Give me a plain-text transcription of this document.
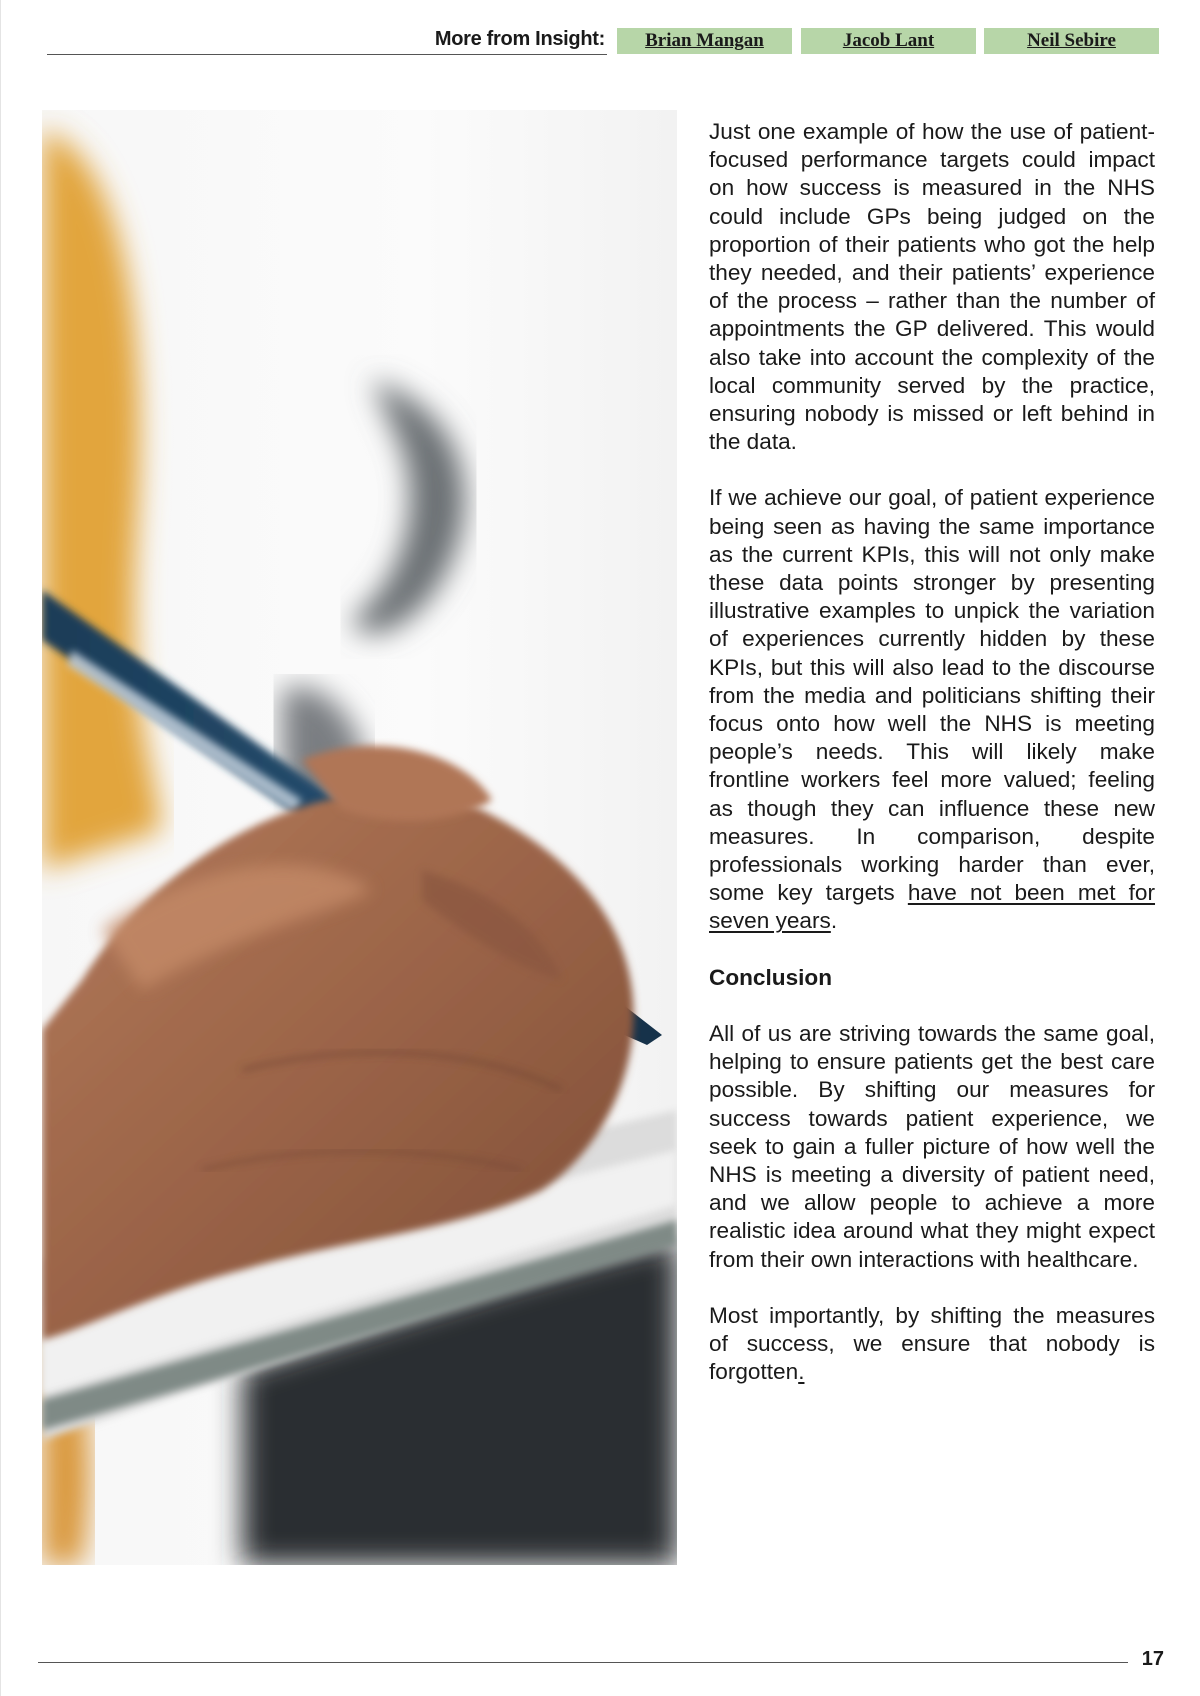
More from Insight:	Brian Mangan	Jacob Lant	Neil Sebire

Just one example of how the use of patient-focused performance targets could impact on how success is measured in the NHS could include GPs being judged on the proportion of their patients who got the help they needed, and their patients’ experience of the process – rather than the number of appointments the GP delivered. This would also take into account the complexity of the local community served by the practice, ensuring nobody is missed or left behind in the data.

If we achieve our goal, of patient experience being seen as having the same importance as the current KPIs, this will not only make these data points stronger by presenting illustrative examples to unpick the variation of experiences currently hidden by these KPIs, but this will also lead to the discourse from the media and politicians shifting their focus onto how well the NHS is meeting people’s needs. This will likely make frontline workers feel more valued; feeling as though they can influence these new measures. In comparison, despite professionals working harder than ever, some key targets have not been met for seven years.

Conclusion

All of us are striving towards the same goal, helping to ensure patients get the best care possible. By shifting our measures for success towards patient experience, we seek to gain a fuller picture of how well the NHS is meeting a diversity of patient need, and we allow people to achieve a more realistic idea around what they might expect from their own interactions with healthcare.

Most importantly, by shifting the measures of success, we ensure that nobody is forgotten.

17
